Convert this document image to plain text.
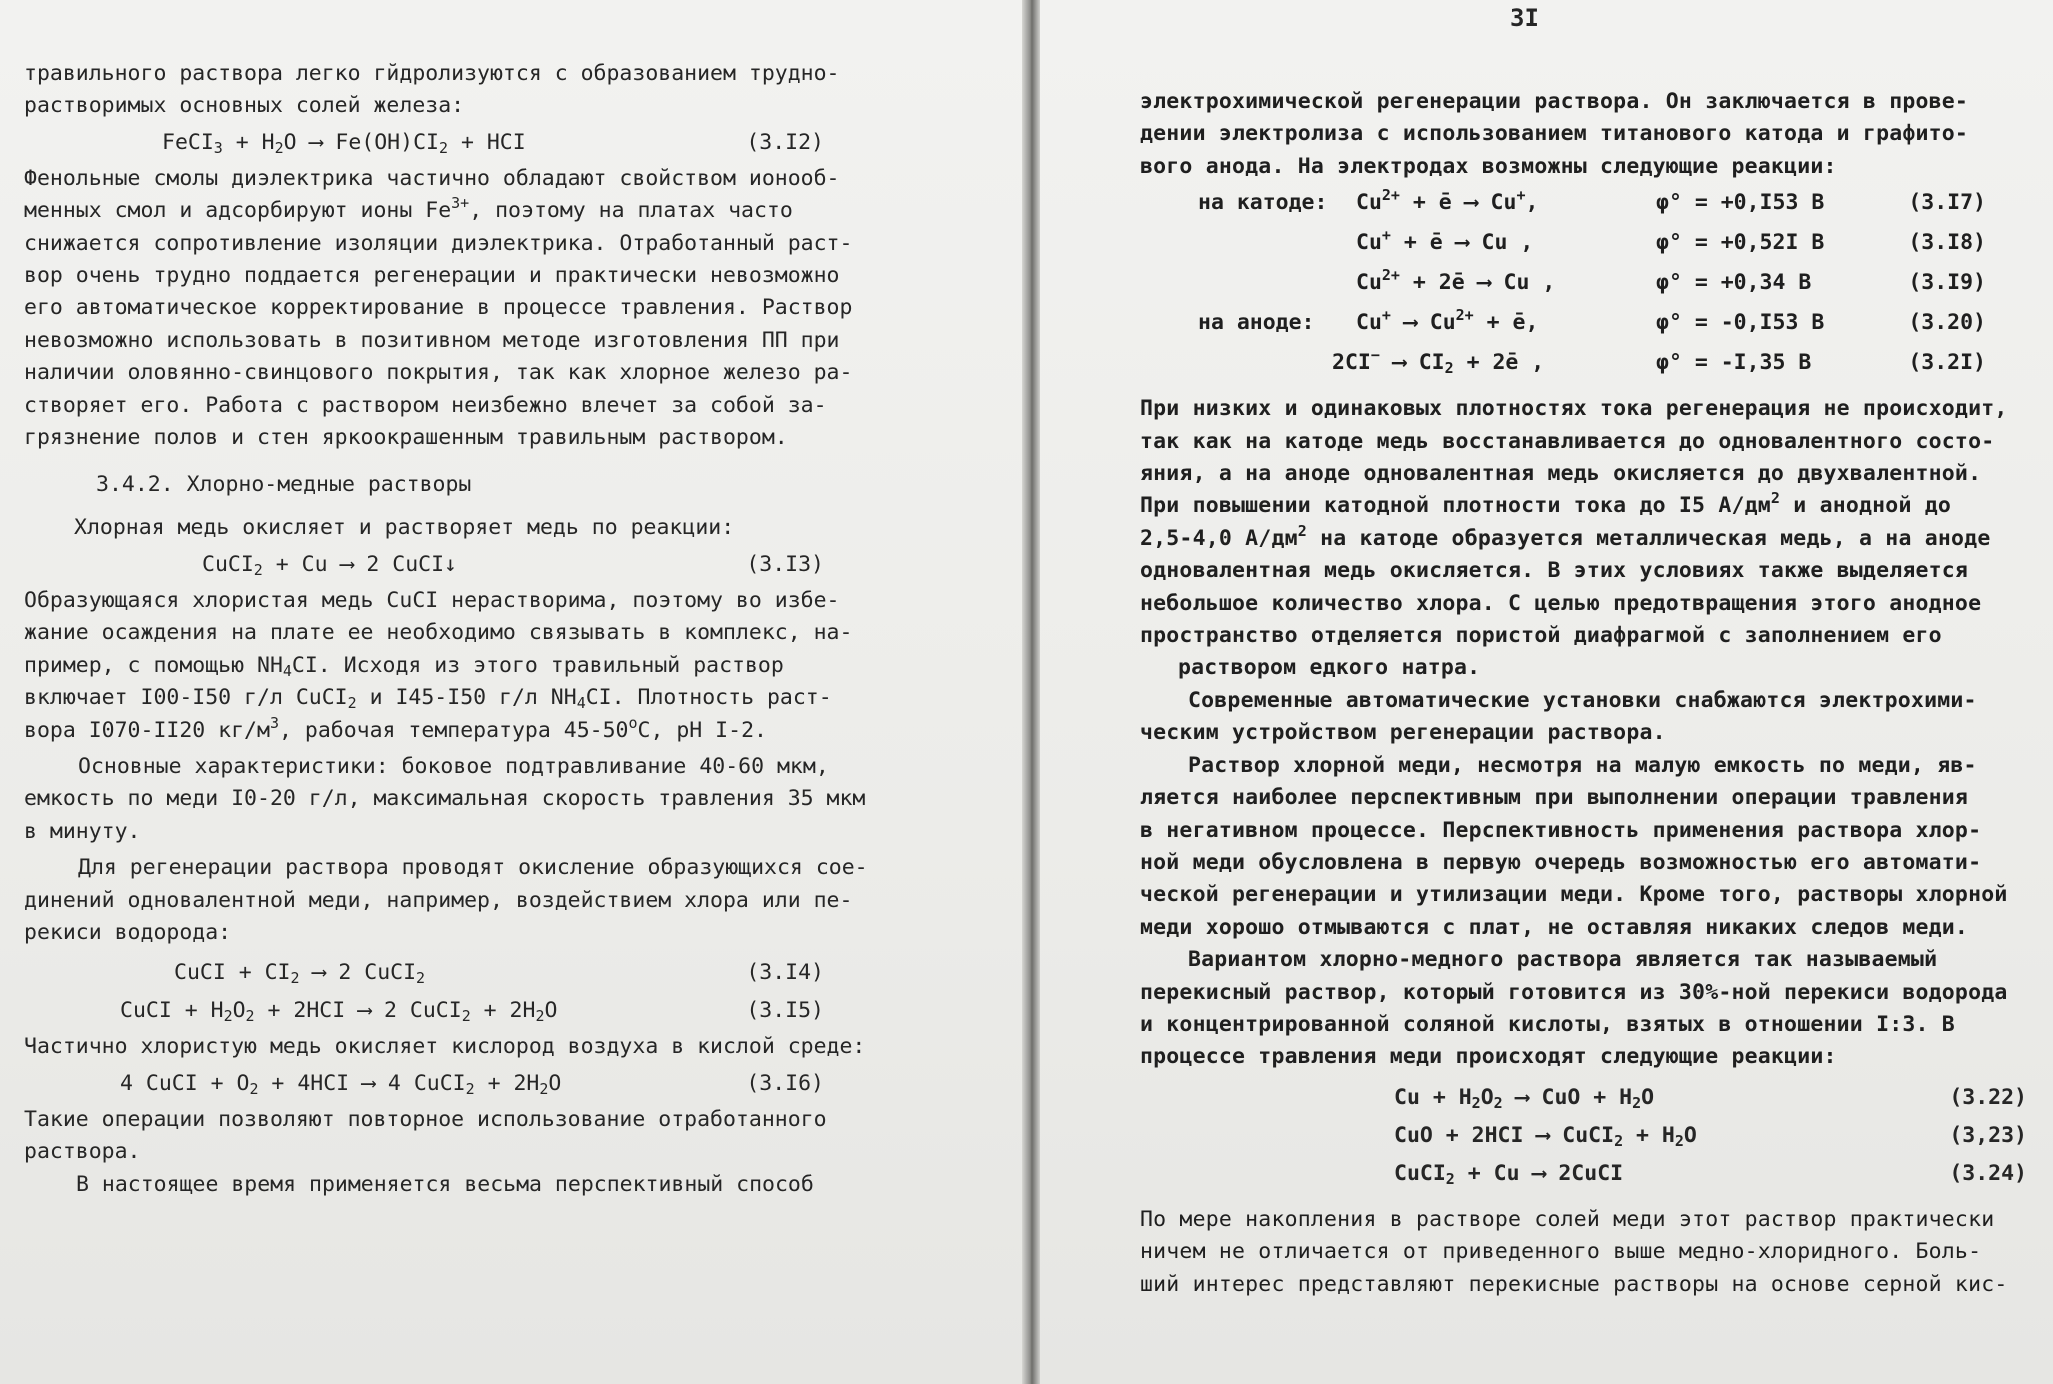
травильного раствора легко гйдролизуются с образованием трудно-
растворимых основных солей железа:
FeCI$_3$ + $H_2O$ ⟶ $Fe(OH)CI_2$ + HCI	(3.I2)
Фенольные смолы диэлектрика частично обладают свойством ионооб-
менных смол и адсорбируют ионы $Fe^{3+}$, поэтому на платах часто
снижается сопротивление изоляции диэлектрика. Отработанный раст-
вор очень трудно поддается регенерации и практически невозможно
его автоматическое корректирование в процессе травления. Раствор
невозможно использовать в позитивном методе изготовления ПП при
наличии оловянно-свинцового покрытия, так как хлорное железо ра-
створяет его. Работа с раствором неизбежно влечет за собой за-
грязнение полов и стен яркоокрашенным травильным раствором.
3.4.2. Хлорно-медные растворы
Хлорная медь окисляет и растворяет медь по реакции:
CuCI$_2$ + Cu ⟶ 2 CuCI↓	(3.I3)
Образующаяся хлористая медь CuCI нерастворима, поэтому во избе-
жание осаждения на плате ее необходимо связывать в комплекс, на-
пример, с помощью $NH_4CI$. Исходя из этого травильный раствор
включает I00-I50 г/л CuCI$_2$ и I45-I50 г/л $NH_4CI$. Плотность раст-
вора I070-II20 $кг/м^3$, рабочая температура 45-50$^o$С, pH I-2.
Основные характеристики: боковое подтравливание 40-60 мкм,
емкость по меди I0-20 г/л, максимальная скорость травления 35 мкм
в минуту.
Для регенерации раствора проводят окисление образующихся сое-
динений одновалентной меди, например, воздействием хлора или пе-
рекиси водорода:
CuCI + $CI_2$ ⟶ 2 CuCI$_2$	(3.I4)
CuCI + $H_2O_2 + 2HCI$ ⟶ 2 CuCI$_2$ + $2H_2O$	(3.I5)
Частично хлористую медь окисляет кислород воздуха в кислой среде:
4 CuCI + $O_2 + 4HCI$ ⟶ 4 CuCI$_2$ + $2H_2O$	(3.I6)
Такие операции позволяют повторное использование отработанного
раствора.
В настоящее время применяется весьма перспективный способ
3I
электрохимической регенерации раствора. Он заключается в прове-
дении электролиза с использованием титанового катода и графито-
вого анода. На электродах возможны следующие реакции:
на катоде:	$Cu^{2+}$ + ē ⟶ Cu+,	φ° = +0,I53 В	(3.I7)
Cu+ + ē ⟶ Cu ,	φ° = +0,52I В	(3.I8)
$Cu^{2+}$ + 2ē ⟶ Cu ,	φ° = +0,34 В	(3.I9)
на аноде:	Cu+ ⟶ $Cu^{2+}$ + ē,	φ° = -0,I53 В	(3.20)
2CI− ⟶ $CI_2$ + 2ē ,	φ° = -I,35 В	(3.2I)
При низких и одинаковых плотностях тока регенерация не происходит,
так как на катоде медь восстанавливается до одновалентного состо-
яния, а на аноде одновалентная медь окисляется до двухвалентной.
При повышении катодной плотности тока до I5 $А/дм^2$ и анодной до
2,5-4,0 $А/дм^2$ на катоде образуется металлическая медь, а на аноде
одновалентная медь окисляется. В этих условиях также выделяется
небольшое количество хлора. С целью предотвращения этого анодное
пространство отделяется пористой диафрагмой с заполнением его
раствором едкого натра.
Современные автоматические установки снабжаются электрохими-
ческим устройством регенерации раствора.
Раствор хлорной меди, несмотря на малую емкость по меди, яв-
ляется наиболее перспективным при выполнении операции травления
в негативном процессе. Перспективность применения раствора хлор-
ной меди обусловлена в первую очередь возможностью его автомати-
ческой регенерации и утилизации меди. Кроме того, растворы хлорной
меди хорошо отмываются с плат, не оставляя никаких следов меди.
Вариантом хлорно-медного раствора является так называемый
перекисный раствор, который готовится из 30%-ной перекиси водорода
и концентрированной соляной кислоты, взятых в отношении I:3. В
процессе травления меди происходят следующие реакции:
$Cu + H_2O_2$ ⟶ CuO + $H_2O$	(3.22)
CuO + 2HCI ⟶ CuCI$_2$ + $H_2O$	(3,23)
CuCI$_2$ + Cu ⟶ 2CuCI	(3.24)
По мере накопления в растворе солей меди этот раствор практически
ничем не отличается от приведенного выше медно-хлоридного. Боль-
ший интерес представляют перекисные растворы на основе серной кис-
